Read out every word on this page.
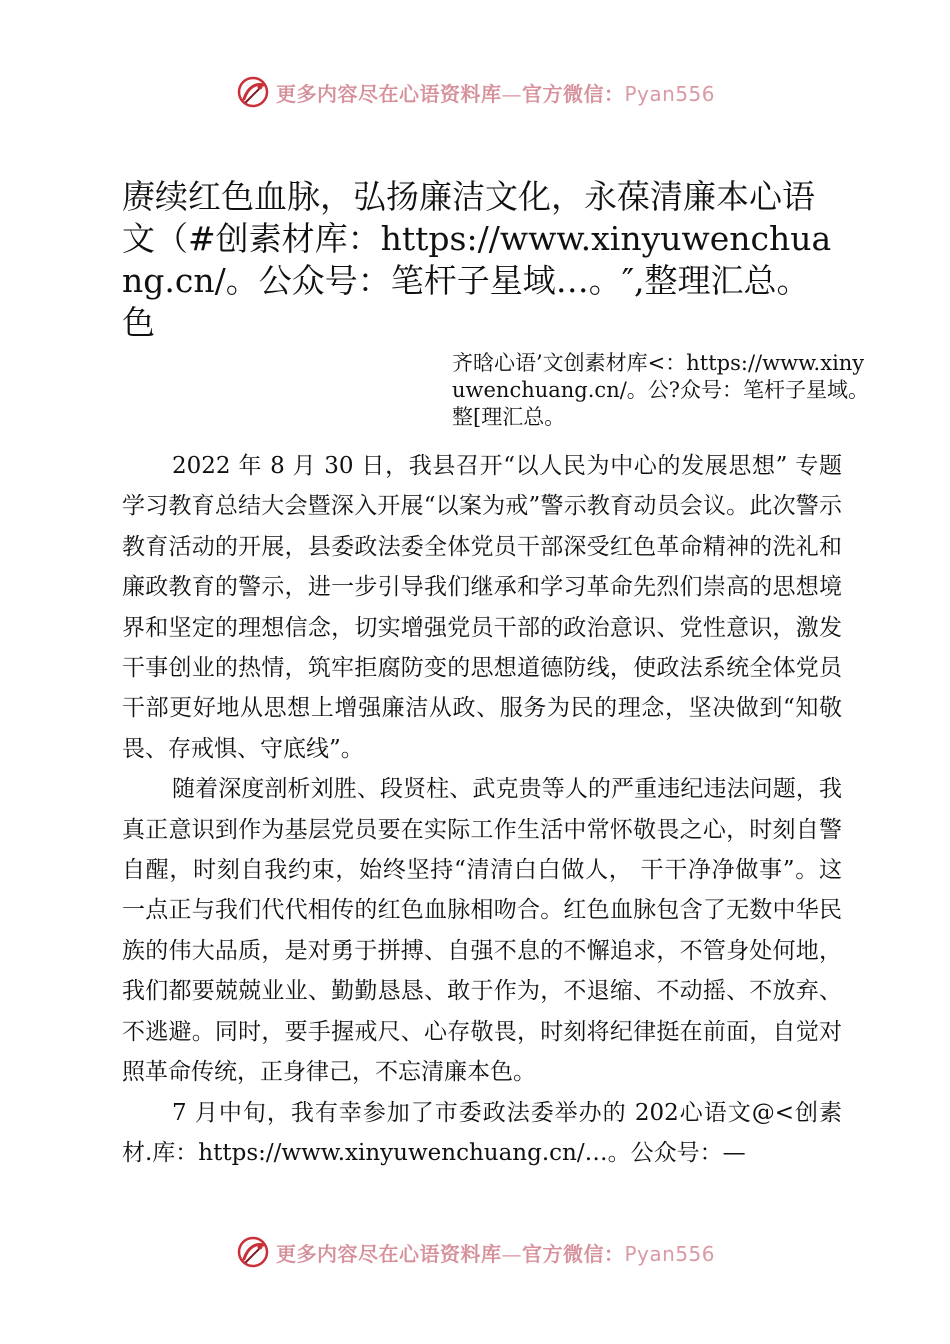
更多内容尽在心语资料库—官方微信：Pyan556
赓续红色血脉，弘扬廉洁文化，永葆清廉本心语文（#创素材库：https://www.xinyuwenchuang.cn/。公众号：笔杆子星域…。″,整理汇总。色
齐晗心语’文创素材库<：https://www.xinyuwenchuang.cn/。公?众号：笔杆子星域。整[理汇总。

2022 年 8 月 30 日，我县召开“以人民为中心的发展思想” 专题学习教育总结大会暨深入开展“以案为戒”警示教育动员会议。此次警示教育活动的开展，县委政法委全体党员干部深受红色革命精神的洗礼和廉政教育的警示，进一步引导我们继承和学习革命先烈们崇高的思想境界和坚定的理想信念，切实增强党员干部的政治意识、党性意识，激发干事创业的热情，筑牢拒腐防变的思想道德防线，使政法系统全体党员干部更好地从思想上增强廉洁从政、服务为民的理念，坚决做到“知敬畏、存戒惧、守底线”。

随着深度剖析刘胜、段贤柱、武克贵等人的严重违纪违法问题，我真正意识到作为基层党员要在实际工作生活中常怀敬畏之心，时刻自警自醒，时刻自我约束，始终坚持“清清白白做人， 干干净净做事”。这一点正与我们代代相传的红色血脉相吻合。红色血脉包含了无数中华民族的伟大品质，是对勇于拼搏、自强不息的不懈追求，不管身处何地，我们都要兢兢业业、勤勤恳恳、敢于作为，不退缩、不动摇、不放弃、不逃避。同时，要手握戒尺、心存敬畏，时刻将纪律挺在前面，自觉对照革命传统，正身律己，不忘清廉本色。

7 月中旬，我有幸参加了市委政法委举办的 202心语文@<创素材.库：https://www.xinyuwenchuang.cn/…。公众号：—

更多内容尽在心语资料库—官方微信：Pyan556
